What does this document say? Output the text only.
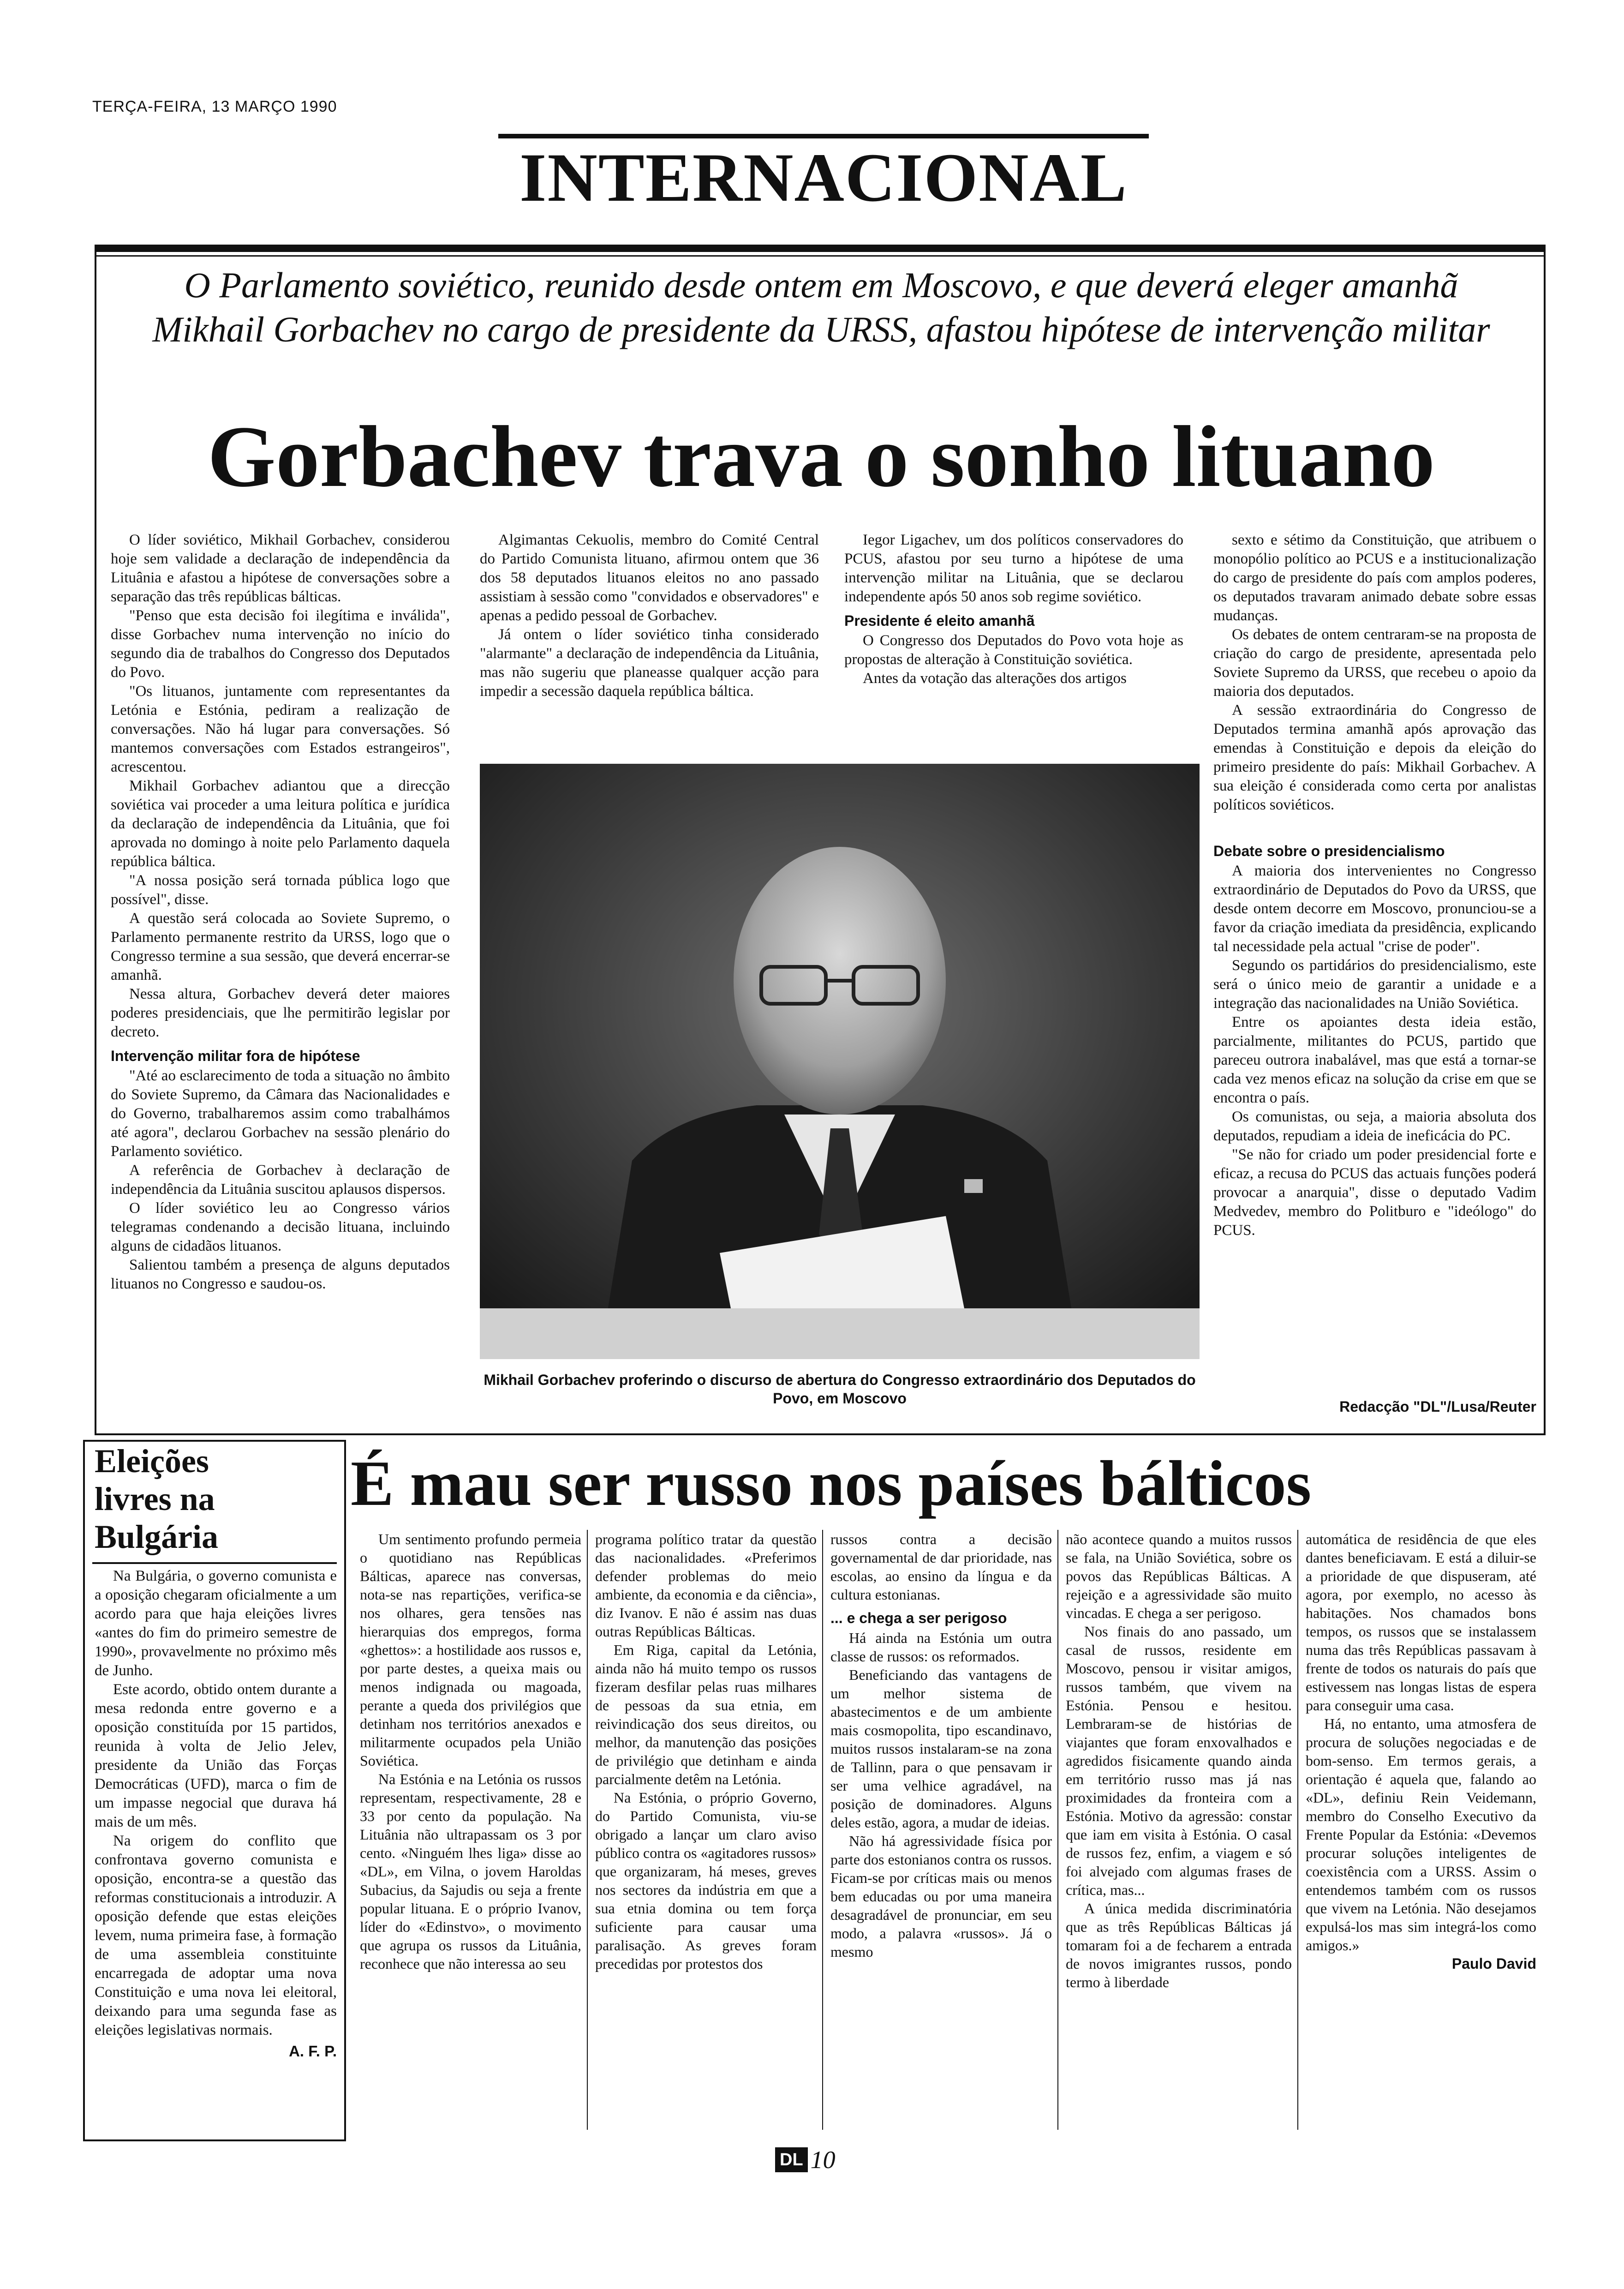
TERÇA-FEIRA, 13 MARÇO 1990
INTERNACIONAL
O Parlamento soviético, reunido desde ontem em Moscovo, e que deverá eleger amanhã Mikhail Gorbachev no cargo de presidente da URSS, afastou hipótese de intervenção militar
Gorbachev trava o sonho lituano

O líder soviético, Mikhail Gorbachev, considerou hoje sem validade a declaração de independência da Lituânia e afastou a hipótese de conversações sobre a separação das três repúblicas bálticas.

"Penso que esta decisão foi ilegítima e inválida", disse Gorbachev numa intervenção no início do segundo dia de trabalhos do Congresso dos Deputados do Povo.

"Os lituanos, juntamente com representantes da Letónia e Estónia, pediram a realização de conversações. Não há lugar para conversações. Só mantemos conversações com Estados estrangeiros", acrescentou.

Mikhail Gorbachev adiantou que a direcção soviética vai proceder a uma leitura política e jurídica da declaração de independência da Lituânia, que foi aprovada no domingo à noite pelo Parlamento daquela república báltica.

"A nossa posição será tornada pública logo que possível", disse.

A questão será colocada ao Soviete Supremo, o Parlamento permanente restrito da URSS, logo que o Congresso termine a sua sessão, que deverá encerrar-se amanhã.

Nessa altura, Gorbachev deverá deter maiores poderes presidenciais, que lhe permitirão legislar por decreto.

Intervenção militar fora de hipótese

"Até ao esclarecimento de toda a situação no âmbito do Soviete Supremo, da Câmara das Nacionalidades e do Governo, trabalharemos assim como trabalhámos até agora", declarou Gorbachev na sessão plenário do Parlamento soviético.

A referência de Gorbachev à declaração de independência da Lituânia suscitou aplausos dispersos.

O líder soviético leu ao Congresso vários telegramas condenando a decisão lituana, incluindo alguns de cidadãos lituanos.

Salientou também a presença de alguns deputados lituanos no Congresso e saudou-os.

Algimantas Cekuolis, membro do Comité Central do Partido Comunista lituano, afirmou ontem que 36 dos 58 deputados lituanos eleitos no ano passado assistiam à sessão como "convidados e observadores" e apenas a pedido pessoal de Gorbachev.

Já ontem o líder soviético tinha considerado "alarmante" a declaração de independência da Lituânia, mas não sugeriu que planeasse qualquer acção para impedir a secessão daquela república báltica.

Iegor Ligachev, um dos políticos conservadores do PCUS, afastou por seu turno a hipótese de uma intervenção militar na Lituânia, que se declarou independente após 50 anos sob regime soviético.

Presidente é eleito amanhã

O Congresso dos Deputados do Povo vota hoje as propostas de alteração à Constituição soviética.

Antes da votação das alterações dos artigos

sexto e sétimo da Constituição, que atribuem o monopólio político ao PCUS e a institucionalização do cargo de presidente do país com amplos poderes, os deputados travaram animado debate sobre essas mudanças.

Os debates de ontem centraram-se na proposta de criação do cargo de presidente, apresentada pelo Soviete Supremo da URSS, que recebeu o apoio da maioria dos deputados.

A sessão extraordinária do Congresso de Deputados termina amanhã após aprovação das emendas à Constituição e depois da eleição do primeiro presidente do país: Mikhail Gorbachev. A sua eleição é considerada como certa por analistas políticos soviéticos.

Debate sobre o presidencialismo

A maioria dos intervenientes no Congresso extraordinário de Deputados do Povo da URSS, que desde ontem decorre em Moscovo, pronunciou-se a favor da criação imediata da presidência, explicando tal necessidade pela actual "crise de poder".

Segundo os partidários do presidencialismo, este será o único meio de garantir a unidade e a integração das nacionalidades na União Soviética.

Entre os apoiantes desta ideia estão, parcialmente, militantes do PCUS, partido que pareceu outrora inabalável, mas que está a tornar-se cada vez menos eficaz na solução da crise em que se encontra o país.

Os comunistas, ou seja, a maioria absoluta dos deputados, repudiam a ideia de ineficácia do PC.

"Se não for criado um poder presidencial forte e eficaz, a recusa do PCUS das actuais funções poderá provocar a anarquia", disse o deputado Vadim Medvedev, membro do Politburo e "ideólogo" do PCUS.

Mikhail Gorbachev proferindo o discurso de abertura do Congresso extraordinário dos Deputados do Povo, em Moscovo	Redacção "DL"/Lusa/Reuter
Eleições livres na Bulgária

Na Bulgária, o governo comunista e a oposição chegaram oficialmente a um acordo para que haja eleições livres «antes do fim do primeiro semestre de 1990», provavelmente no próximo mês de Junho.

Este acordo, obtido ontem durante a mesa redonda entre governo e a oposição constituída por 15 partidos, reunida à volta de Jelio Jelev, presidente da União das Forças Democráticas (UFD), marca o fim de um impasse negocial que durava há mais de um mês.

Na origem do conflito que confrontava governo comunista e oposição, encontra-se a questão das reformas constitucionais a introduzir. A oposição defende que estas eleições levem, numa primeira fase, à formação de uma assembleia constituinte encarregada de adoptar uma nova Constituição e uma nova lei eleitoral, deixando para uma segunda fase as eleições legislativas normais.

A. F. P.
É mau ser russo nos países bálticos

Um sentimento profundo permeia o quotidiano nas Repúblicas Bálticas, aparece nas conversas, nota-se nas repartições, verifica-se nos olhares, gera tensões nas hierarquias dos empregos, forma «ghettos»: a hostilidade aos russos e, por parte destes, a queixa mais ou menos indignada ou magoada, perante a queda dos privilégios que detinham nos territórios anexados e militarmente ocupados pela União Soviética.

Na Estónia e na Letónia os russos representam, respectivamente, 28 e 33 por cento da população. Na Lituânia não ultrapassam os 3 por cento. «Ninguém lhes liga» disse ao «DL», em Vilna, o jovem Haroldas Subacius, da Sajudis ou seja a frente popular lituana. E o próprio Ivanov, líder do «Edinstvo», o movimento que agrupa os russos da Lituânia, reconhece que não interessa ao seu

programa político tratar da questão das nacionalidades. «Preferimos defender problemas do meio ambiente, da economia e da ciência», diz Ivanov. E não é assim nas duas outras Repúblicas Bálticas.

Em Riga, capital da Letónia, ainda não há muito tempo os russos fizeram desfilar pelas ruas milhares de pessoas da sua etnia, em reivindicação dos seus direitos, ou melhor, da manutenção das posições de privilégio que detinham e ainda parcialmente detêm na Letónia.

Na Estónia, o próprio Governo, do Partido Comunista, viu-se obrigado a lançar um claro aviso público contra os «agitadores russos» que organizaram, há meses, greves nos sectores da indústria em que a sua etnia domina ou tem força suficiente para causar uma paralisação. As greves foram precedidas por protestos dos

russos contra a decisão governamental de dar prioridade, nas escolas, ao ensino da língua e da cultura estonianas.

... e chega a ser perigoso

Há ainda na Estónia um outra classe de russos: os reformados.

Beneficiando das vantagens de um melhor sistema de abastecimentos e de um ambiente mais cosmopolita, tipo escandinavo, muitos russos instalaram-se na zona de Tallinn, para o que pensavam ir ser uma velhice agradável, na posição de dominadores. Alguns deles estão, agora, a mudar de ideias.

Não há agressividade física por parte dos estonianos contra os russos. Ficam-se por críticas mais ou menos bem educadas ou por uma maneira desagradável de pronunciar, em seu modo, a palavra «russos». Já o mesmo

não acontece quando a muitos russos se fala, na União Soviética, sobre os povos das Repúblicas Bálticas. A rejeição e a agressividade são muito vincadas. E chega a ser perigoso.

Nos finais do ano passado, um casal de russos, residente em Moscovo, pensou ir visitar amigos, russos também, que vivem na Estónia. Pensou e hesitou. Lembraram-se de histórias de viajantes que foram enxovalhados e agredidos fisicamente quando ainda em território russo mas já nas proximidades da fronteira com a Estónia. Motivo da agressão: constar que iam em visita à Estónia. O casal de russos fez, enfim, a viagem e só foi alvejado com algumas frases de crítica, mas...

A única medida discriminatória que as três Repúblicas Bálticas já tomaram foi a de fecharem a entrada de novos imigrantes russos, pondo termo à liberdade

automática de residência de que eles dantes beneficiavam. E está a diluir-se a prioridade de que dispuseram, até agora, por exemplo, no acesso às habitações. Nos chamados bons tempos, os russos que se instalassem numa das três Repúblicas passavam à frente de todos os naturais do país que estivessem nas longas listas de espera para conseguir uma casa.

Há, no entanto, uma atmosfera de procura de soluções negociadas e de bom-senso. Em termos gerais, a orientação é aquela que, falando ao «DL», definiu Rein Veidemann, membro do Conselho Executivo da Frente Popular da Estónia: «Devemos procurar soluções inteligentes de coexistência com a URSS. Assim o entendemos também com os russos que vivem na Letónia. Não desejamos expulsá-los mas sim integrá-los como amigos.»

Paulo David
DL 10
